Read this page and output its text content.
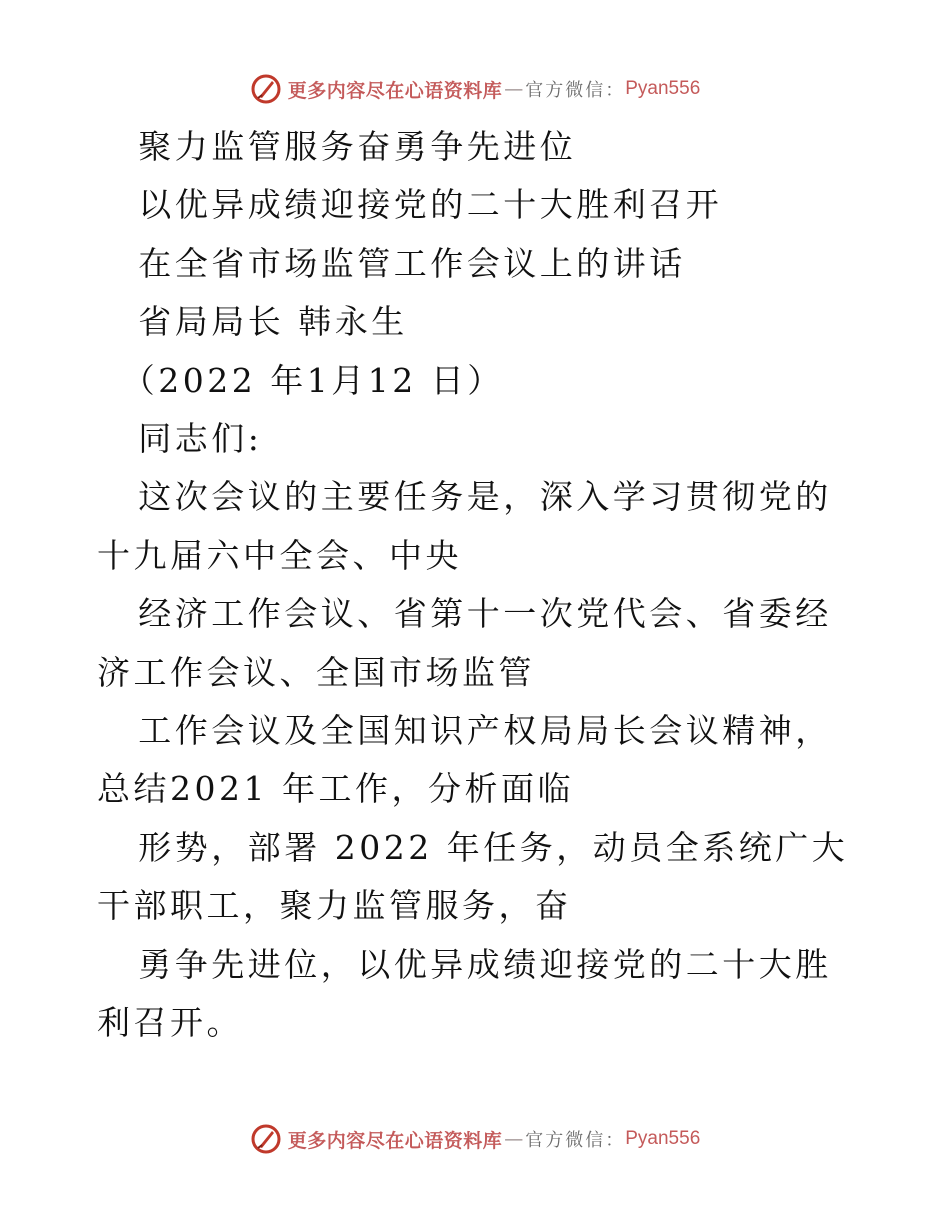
更多内容尽在心语资料库 — 官方微信： Pyan556

聚力监管服务奋勇争先进位

以优异成绩迎接党的二十大胜利召开

在全省市场监管工作会议上的讲话

省局局长 韩永生

（2022 年1月12 日）

同志们:

这次会议的主要任务是，深入学习贯彻党的十九届六中全会、中央

经济工作会议、省第十一次党代会、省委经济工作会议、全国市场监管

工作会议及全国知识产权局局长会议精神，总结2021 年工作，分析面临

形势，部署 2022 年任务，动员全系统广大干部职工，聚力监管服务，奋

勇争先进位，以优异成绩迎接党的二十大胜利召开。

更多内容尽在心语资料库 — 官方微信： Pyan556
